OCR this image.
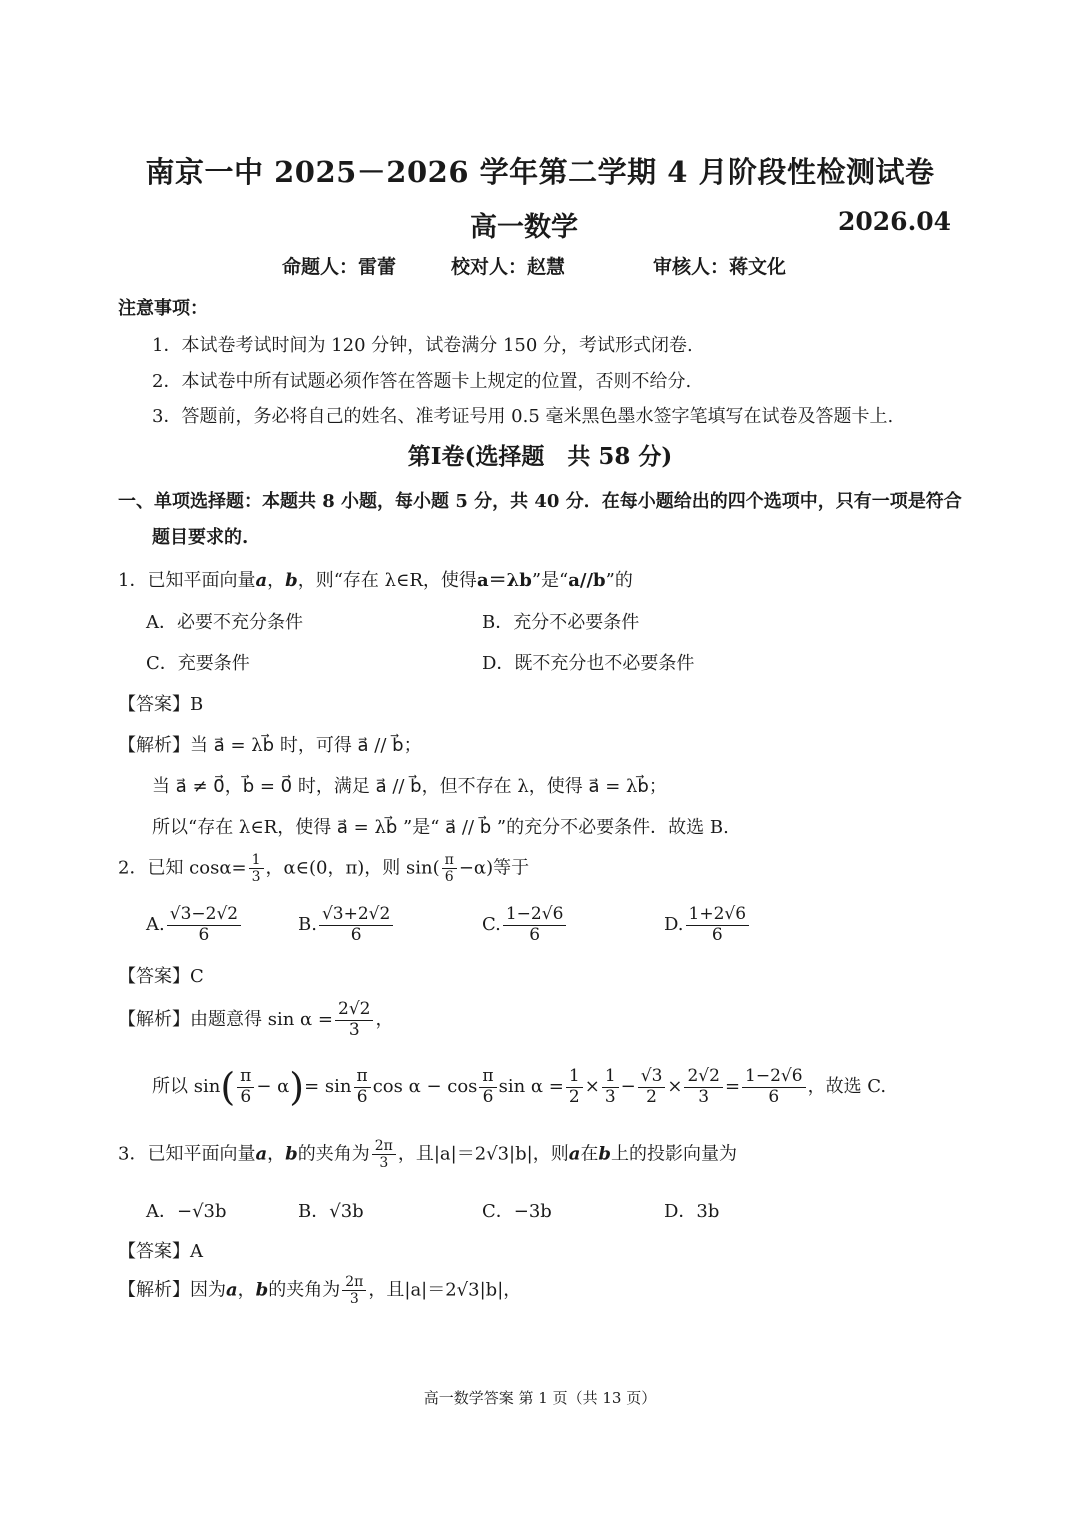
南京一中 2025－2026 学年第二学期 4 月阶段性检测试卷
高一数学	2026.04
命题人：雷蕾	校对人：赵慧	审核人：蒋文化
注意事项：
1．本试卷考试时间为 120 分钟，试卷满分 150 分，考试形式闭卷.
2．本试卷中所有试题必须作答在答题卡上规定的位置，否则不给分.
3．答题前，务必将自己的姓名、准考证号用 0.5 毫米黑色墨水签字笔填写在试卷及答题卡上.
第Ⅰ卷(选择题　共 58 分)
一、单项选择题：本题共 8 小题，每小题 5 分，共 40 分．在每小题给出的四个选项中，只有一项是符合
题目要求的.
1．已知平面向量a，b，则“存在 λ∈R，使得a＝λb”是“a//b”的
A．必要不充分条件	B．充分不必要条件
C．充要条件	D．既不充分也不必要条件
【答案】B
【解析】当 a⃗ = λb⃗ 时，可得 a⃗ // b⃗；
当 a⃗ ≠ 0⃗，b⃗ = 0⃗ 时，满足 a⃗ // b⃗，但不存在 λ，使得 a⃗ = λb⃗；
所以“存在 λ∈R，使得 a⃗ = λb⃗ ”是“ a⃗ // b⃗ ”的充分不必要条件．故选 B.
2．已知 $\cos\alpha= \frac{1}{3}$ ，α∈(0，π)，则 $\sin( \frac{\pi}{6} -\alpha)$等于
A. $\frac{√3-2√2}{6}$	B. $\frac{√3+2√2}{6}$	C. $\frac{1-2√6}{6}$	D. $\frac{1+2√6}{6}$
【答案】C
【解析】由题意得 $\sin \alpha = \frac{2√2}{3}$ ，
所以 $\sin( \frac{\pi}{6} - \alpha)= \sin \frac{\pi}{6}$ $\cos \alpha - \cos \frac{\pi}{6}$ $\sin \alpha = \frac{1}{2} \times \frac{1}{3} - \frac{√3}{2} \times \frac{2√2}{3} = \frac{1-2√6}{6}$ ，故选 C.
3．已知平面向量a，b的夹角为 $\frac{2\pi}{3}$ ，且|a|＝2√3|b|，则a在b上的投影向量为
A．−√3b	B．√3b	C．−3b	D．3b
【答案】A
【解析】因为a，b的夹角为 $\frac{2\pi}{3}$ ，且|a|＝2√3|b|，
高一数学答案 第 1 页（共 13 页）
